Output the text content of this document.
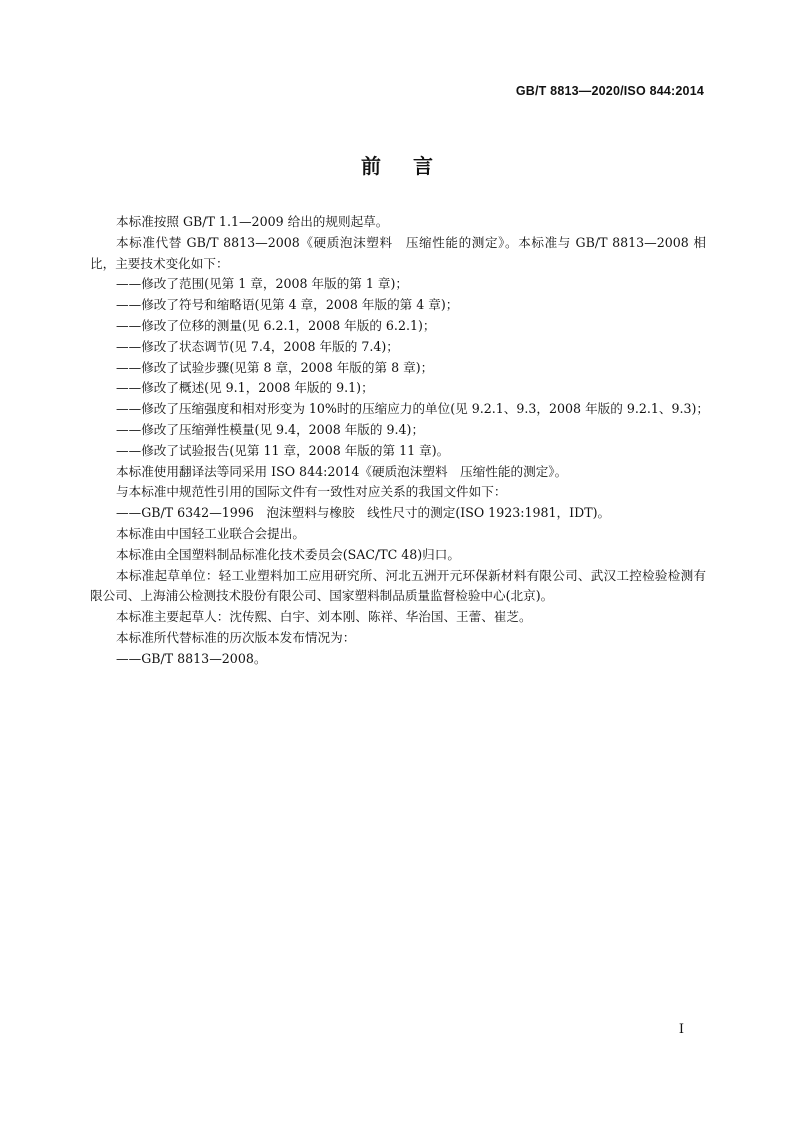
GB/T 8813—2020/ISO 844:2014
前言

本标准按照 GB/T 1.1—2009 给出的规则起草。

本标准代替 GB/T 8813—2008《硬质泡沫塑料　压缩性能的测定》。本标准与 GB/T 8813—2008 相比，主要技术变化如下：

——修改了范围(见第 1 章，2008 年版的第 1 章)；

——修改了符号和缩略语(见第 4 章，2008 年版的第 4 章)；

——修改了位移的测量(见 6.2.1，2008 年版的 6.2.1)；

——修改了状态调节(见 7.4，2008 年版的 7.4)；

——修改了试验步骤(见第 8 章，2008 年版的第 8 章)；

——修改了概述(见 9.1，2008 年版的 9.1)；

——修改了压缩强度和相对形变为 10%时的压缩应力的单位(见 9.2.1、9.3，2008 年版的 9.2.1、9.3)；

——修改了压缩弹性模量(见 9.4，2008 年版的 9.4)；

——修改了试验报告(见第 11 章，2008 年版的第 11 章)。

本标准使用翻译法等同采用 ISO 844:2014《硬质泡沫塑料　压缩性能的测定》。

与本标准中规范性引用的国际文件有一致性对应关系的我国文件如下：

——GB/T 6342—1996　泡沫塑料与橡胶　线性尺寸的测定(ISO 1923:1981，IDT)。

本标准由中国轻工业联合会提出。

本标准由全国塑料制品标准化技术委员会(SAC/TC 48)归口。

本标准起草单位：轻工业塑料加工应用研究所、河北五洲开元环保新材料有限公司、武汉工控检验检测有限公司、上海浦公检测技术股份有限公司、国家塑料制品质量监督检验中心(北京)。

本标准主要起草人：沈传熙、白宇、刘本刚、陈祥、华治国、王蕾、崔芝。

本标准所代替标准的历次版本发布情况为：

——GB/T 8813—2008。

I
